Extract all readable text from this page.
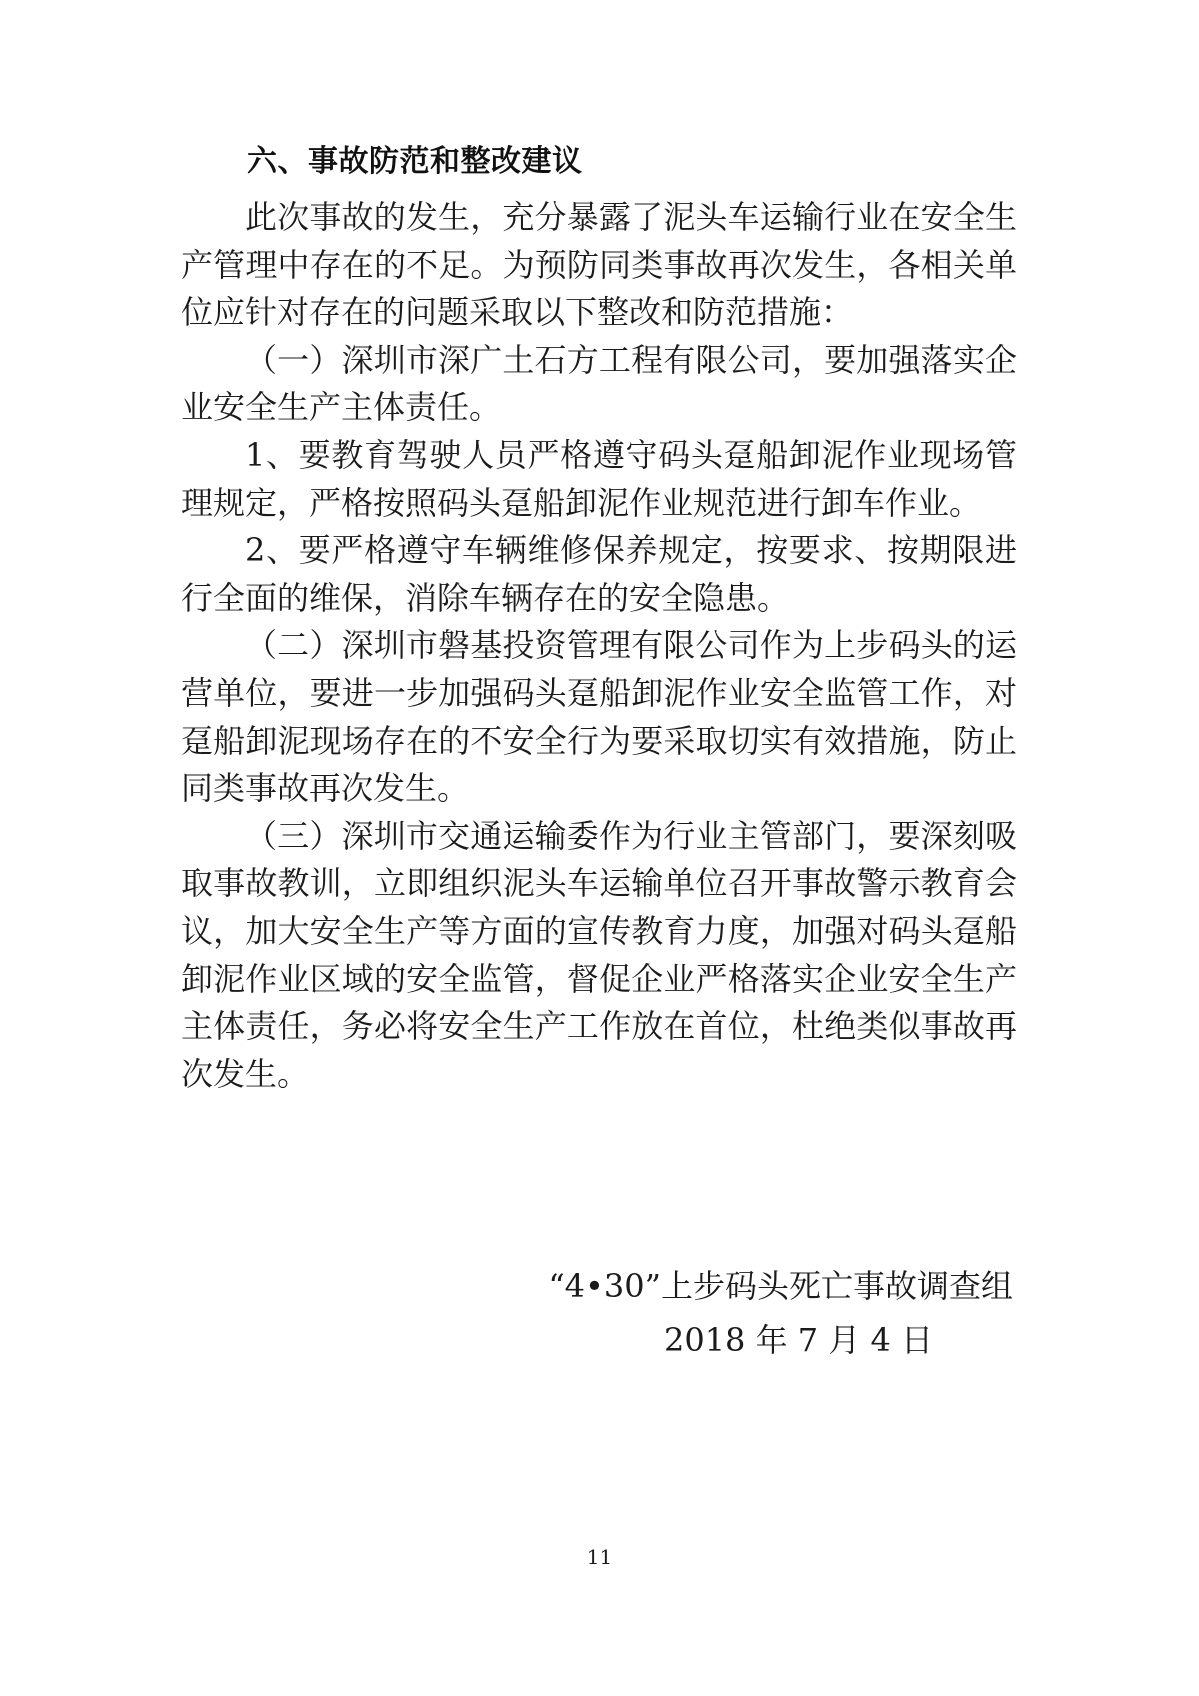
六、事故防范和整改建议

此次事故的发生，充分暴露了泥头车运输行业在安全生产管理中存在的不足。为预防同类事故再次发生，各相关单位应针对存在的问题采取以下整改和防范措施：

（一）深圳市深广土石方工程有限公司，要加强落实企业安全生产主体责任。

1、要教育驾驶人员严格遵守码头趸船卸泥作业现场管理规定，严格按照码头趸船卸泥作业规范进行卸车作业。

2、要严格遵守车辆维修保养规定，按要求、按期限进行全面的维保，消除车辆存在的安全隐患。

（二）深圳市磐基投资管理有限公司作为上步码头的运营单位，要进一步加强码头趸船卸泥作业安全监管工作，对趸船卸泥现场存在的不安全行为要采取切实有效措施，防止同类事故再次发生。

（三）深圳市交通运输委作为行业主管部门，要深刻吸取事故教训，立即组织泥头车运输单位召开事故警示教育会议，加大安全生产等方面的宣传教育力度，加强对码头趸船卸泥作业区域的安全监管，督促企业严格落实企业安全生产主体责任，务必将安全生产工作放在首位，杜绝类似事故再次发生。

“4•30”上步码头死亡事故调查组
2018 年 7 月 4 日
11
